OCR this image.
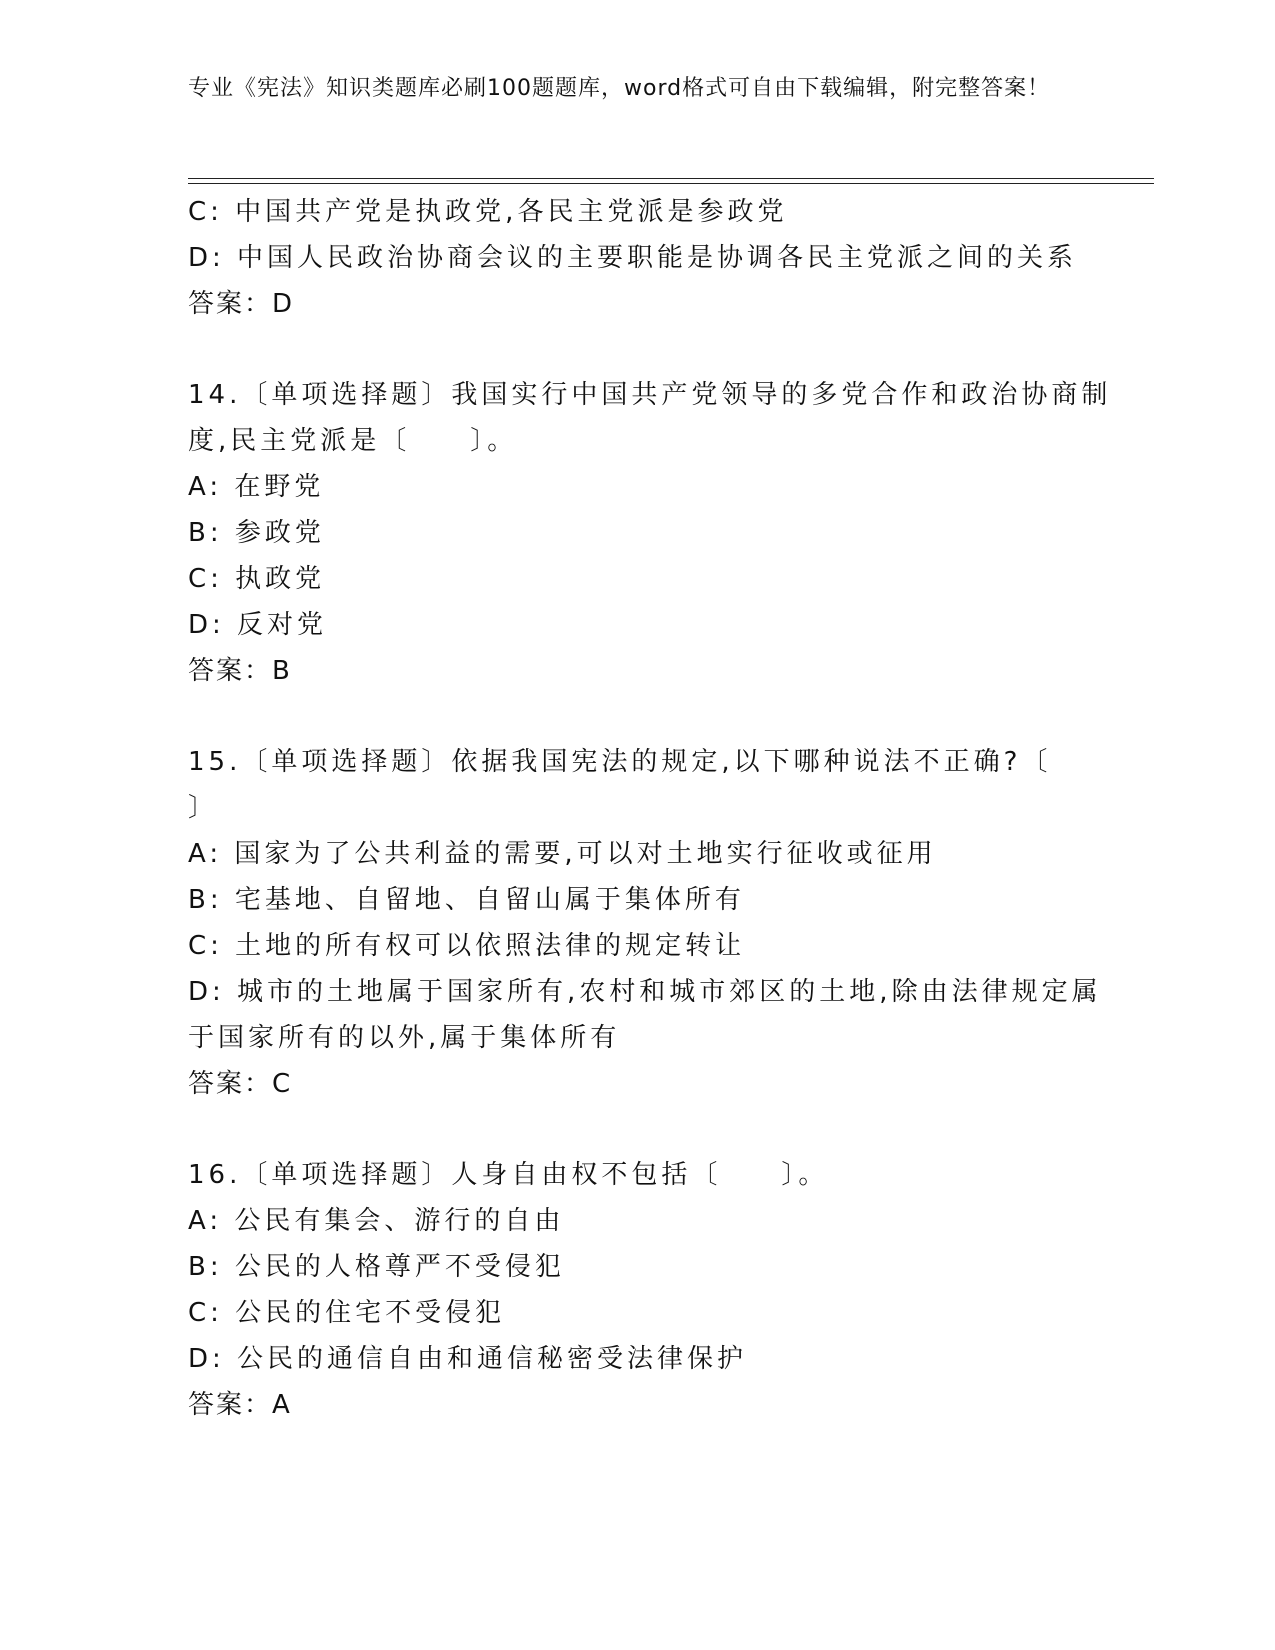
专业《宪法》知识类题库必刷100题题库，word格式可自由下载编辑，附完整答案！
C: 中国共产党是执政党,各民主党派是参政党
D: 中国人民政治协商会议的主要职能是协调各民主党派之间的关系
答案：D
14.〔单项选择题〕我国实行中国共产党领导的多党合作和政治协商制
度,民主党派是〔　　〕。
A: 在野党
B: 参政党
C: 执政党
D: 反对党
答案：B
15.〔单项选择题〕依据我国宪法的规定,以下哪种说法不正确?〔
〕
A: 国家为了公共利益的需要,可以对土地实行征收或征用
B: 宅基地、自留地、自留山属于集体所有
C: 土地的所有权可以依照法律的规定转让
D: 城市的土地属于国家所有,农村和城市郊区的土地,除由法律规定属
于国家所有的以外,属于集体所有
答案：C
16.〔单项选择题〕人身自由权不包括〔　　〕。
A: 公民有集会、游行的自由
B: 公民的人格尊严不受侵犯
C: 公民的住宅不受侵犯
D: 公民的通信自由和通信秘密受法律保护
答案：A
